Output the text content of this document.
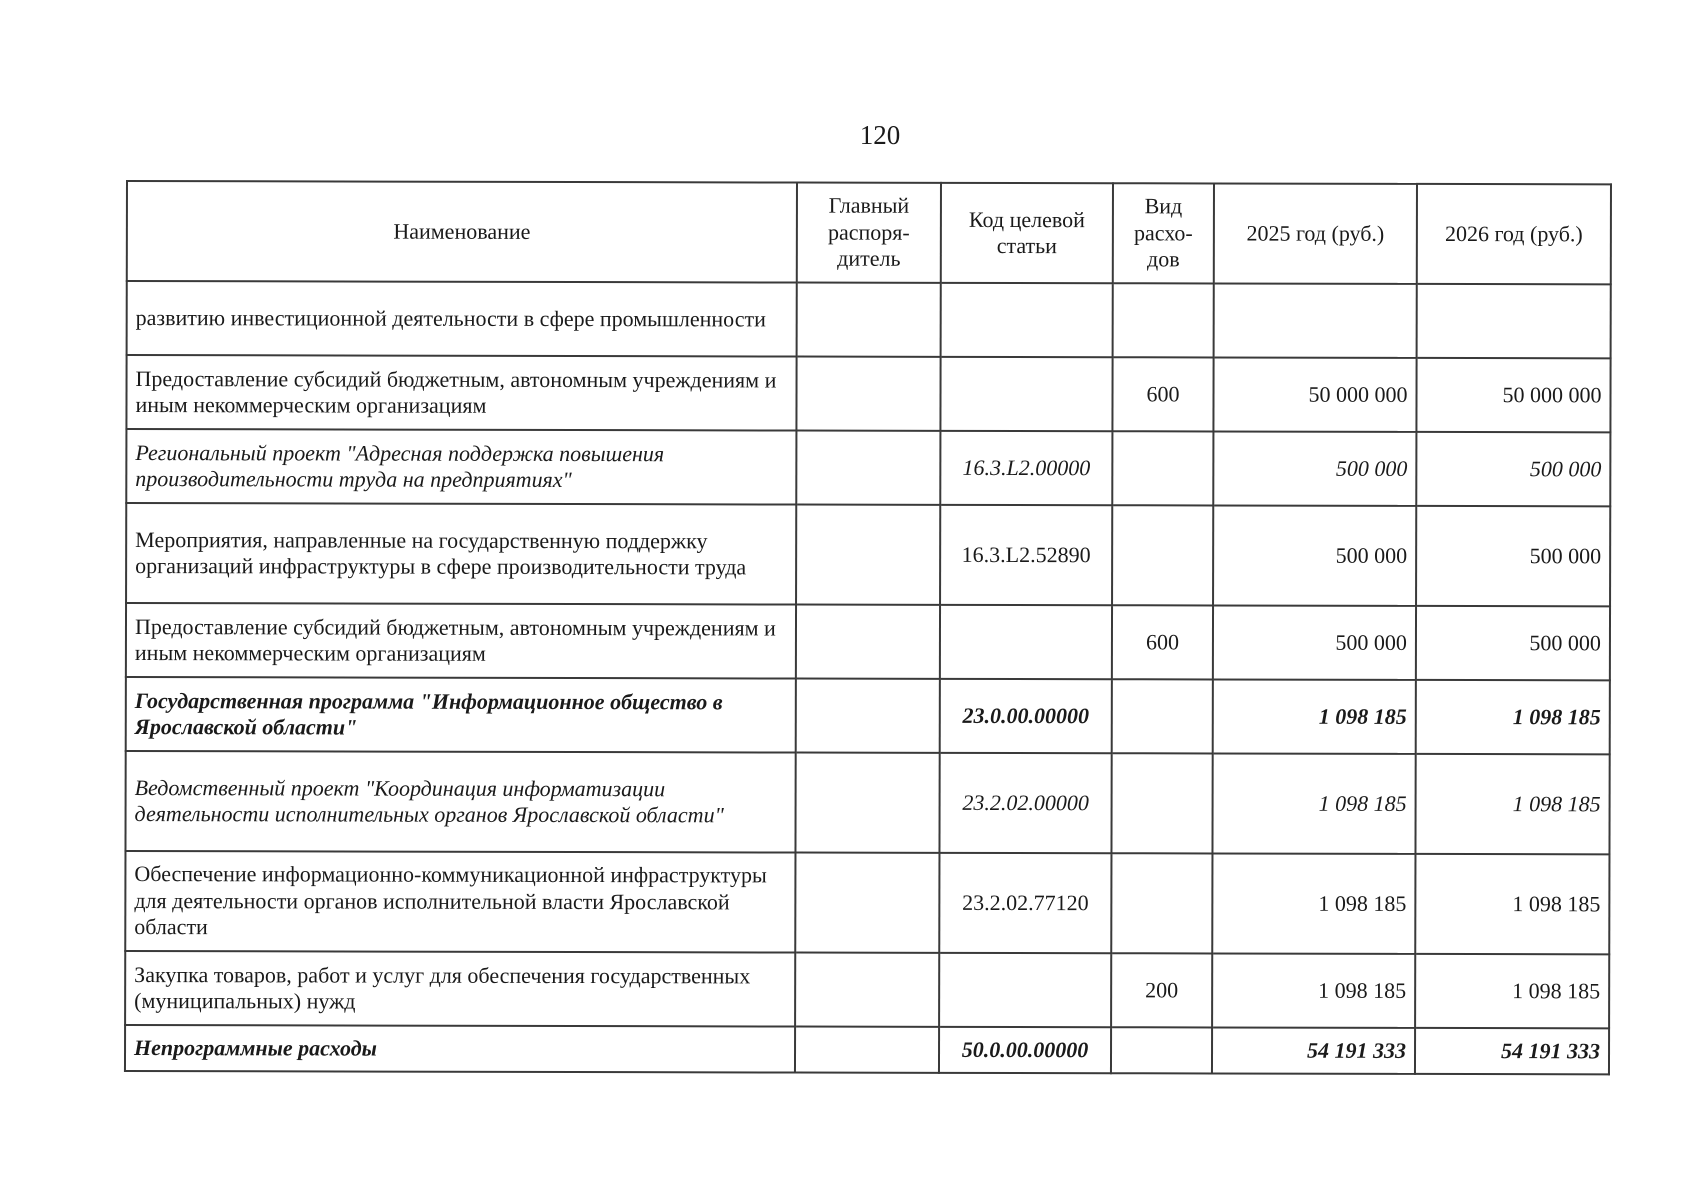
120
Наименование	Главный распоря-дитель	Код целевой статьи	Вид расхо-дов	2025 год (руб.)	2026 год (руб.)
развитию инвестиционной деятельности в сфере промышленности					
Предоставление субсидий бюджетным, автономным учреждениям и иным некоммерческим организациям			600	50 000 000	50 000 000
Региональный проект "Адресная поддержка повышения производительности труда на предприятиях"		16.3.L2.00000		500 000	500 000
Мероприятия, направленные на государственную поддержку организаций инфраструктуры в сфере производительности труда		16.3.L2.52890		500 000	500 000
Предоставление субсидий бюджетным, автономным учреждениям и иным некоммерческим организациям			600	500 000	500 000
Государственная программа "Информационное общество в Ярославской области"		23.0.00.00000		1 098 185	1 098 185
Ведомственный проект "Координация информатизации деятельности исполнительных органов Ярославской области"		23.2.02.00000		1 098 185	1 098 185
Обеспечение информационно-коммуникационной инфраструктуры для деятельности органов исполнительной власти Ярославской области		23.2.02.77120		1 098 185	1 098 185
Закупка товаров, работ и услуг для обеспечения государственных (муниципальных) нужд			200	1 098 185	1 098 185
Непрограммные расходы		50.0.00.00000		54 191 333	54 191 333
